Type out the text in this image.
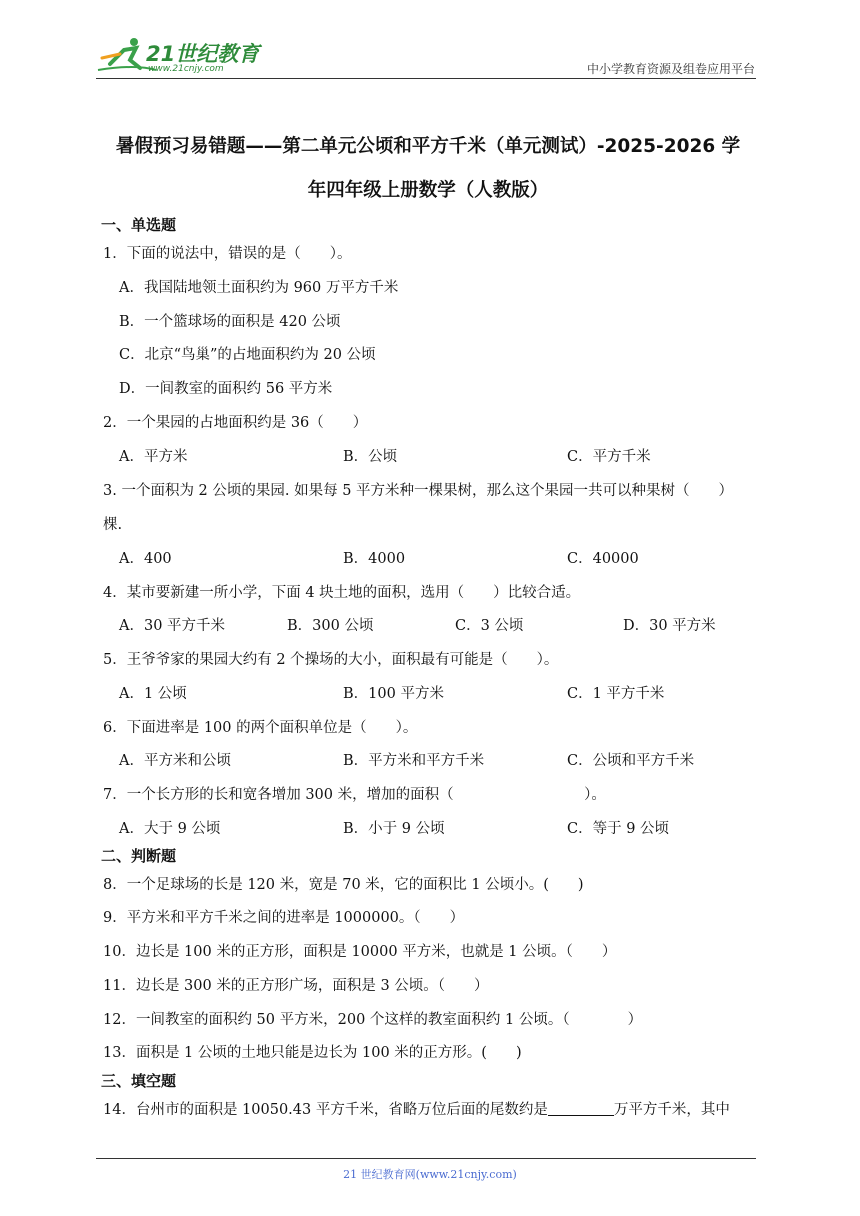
21世纪教育
www.21cnjy.com	中小学教育资源及组卷应用平台
暑假预习易错题——第二单元公顷和平方千米（单元测试）-2025-2026 学
年四年级上册数学（人教版）
一、单选题
1．下面的说法中，错误的是（　　）。
A．我国陆地领土面积约为 960 万平方千米
B．一个篮球场的面积是 420 公顷
C．北京“鸟巢”的占地面积约为 20 公顷
D．一间教室的面积约 56 平方米
2．一个果园的占地面积约是 36（　　）
A．平方米	B．公顷	C．平方千米
3. 一个面积为 2 公顷的果园. 如果每 5 平方米种一棵果树，那么这个果园一共可以种果树（　　）
棵.
A．400	B．4000	C．40000
4．某市要新建一所小学，下面 4 块土地的面积，选用（　　）比较合适。
A．30 平方千米	B．300 公顷	C．3 公顷	D．30 平方米
5．王爷爷家的果园大约有 2 个操场的大小，面积最有可能是（　　）。
A．1 公顷	B．100 平方米	C．1 平方千米
6．下面进率是 100 的两个面积单位是（　　）。
A．平方米和公顷	B．平方米和平方千米	C．公顷和平方千米
7．一个长方形的长和宽各增加 300 米，增加的面积（　　　　　　　　　）。
A．大于 9 公顷	B．小于 9 公顷	C．等于 9 公顷
二、判断题
8．一个足球场的长是 120 米，宽是 70 米，它的面积比 1 公顷小。(　　)
9．平方米和平方千米之间的进率是 1000000。（　　）
10．边长是 100 米的正方形，面积是 10000 平方米，也就是 1 公顷。（　　）
11．边长是 300 米的正方形广场，面积是 3 公顷。（　　）
12．一间教室的面积约 50 平方米，200 个这样的教室面积约 1 公顷。（　　　　）
13．面积是 1 公顷的土地只能是边长为 100 米的正方形。(　　)
三、填空题
14．台州市的面积是 10050.43 平方千米，省略万位后面的尾数约是	万平方千米，其中
21 世纪教育网(www.21cnjy.com)
